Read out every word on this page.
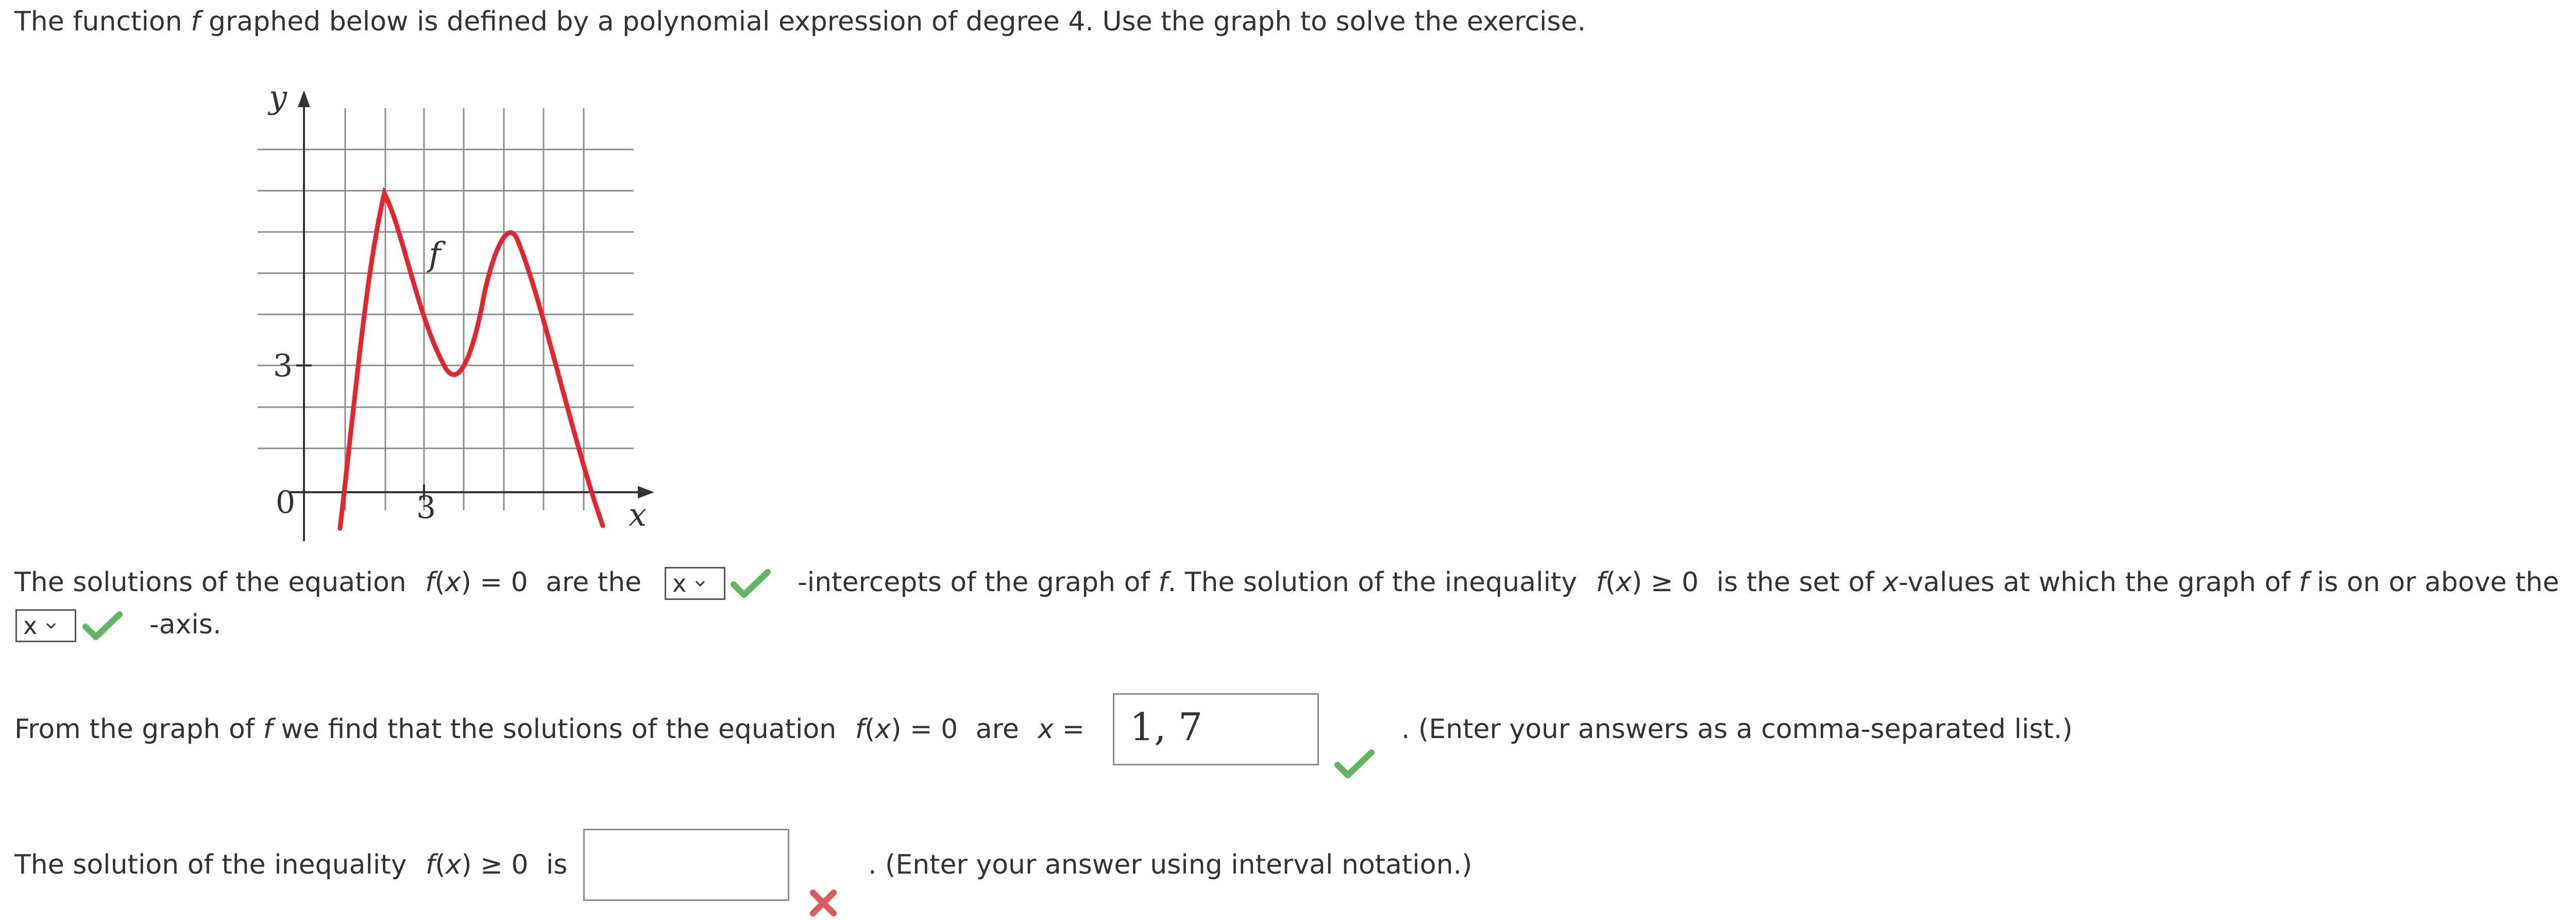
The function f graphed below is defined by a polynomial expression of degree 4. Use the graph to solve the exercise.
y
x
0	3
3
f
The solutions of the equation f(x) = 0 are the x	-intercepts of the graph of f. The solution of the inequality f(x) ≥ 0 is the set of x-values at which the graph of f is on or above the
x	-axis.
From the graph of f we find that the solutions of the equation f(x) = 0 are x = 1, 7	. (Enter your answers as a comma-separated list.)
The solution of the inequality f(x) ≥ 0 is	. (Enter your answer using interval notation.)
